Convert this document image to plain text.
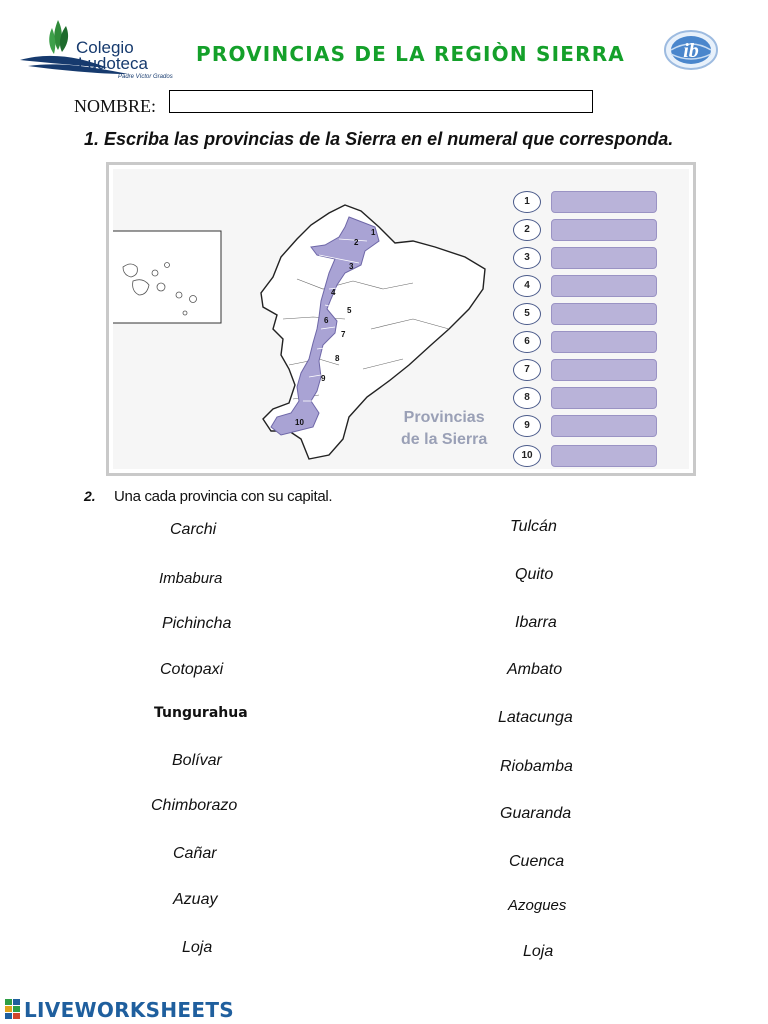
Colegio
Ludoteca
Padre Víctor Grados
PROVINCIAS DE LA REGIÒN SIERRA	ib
NOMBRE:
1. Escriba las provincias de la Sierra en el numeral que corresponda.
1
2
3
4
5
6
7
8
9
10	Provincias
de la Sierra
1
2
3
4
5
6
7
8
9
10
2. Una cada provincia con su capital.
Carchi
Imbabura
Pichincha
Cotopaxi
Tungurahua
Bolívar
Chimborazo
Cañar
Azuay
Loja
Tulcán
Quito
Ibarra
Ambato
Latacunga
Riobamba
Guaranda
Cuenca
Azogues
Loja
LIVEWORKSHEETS
